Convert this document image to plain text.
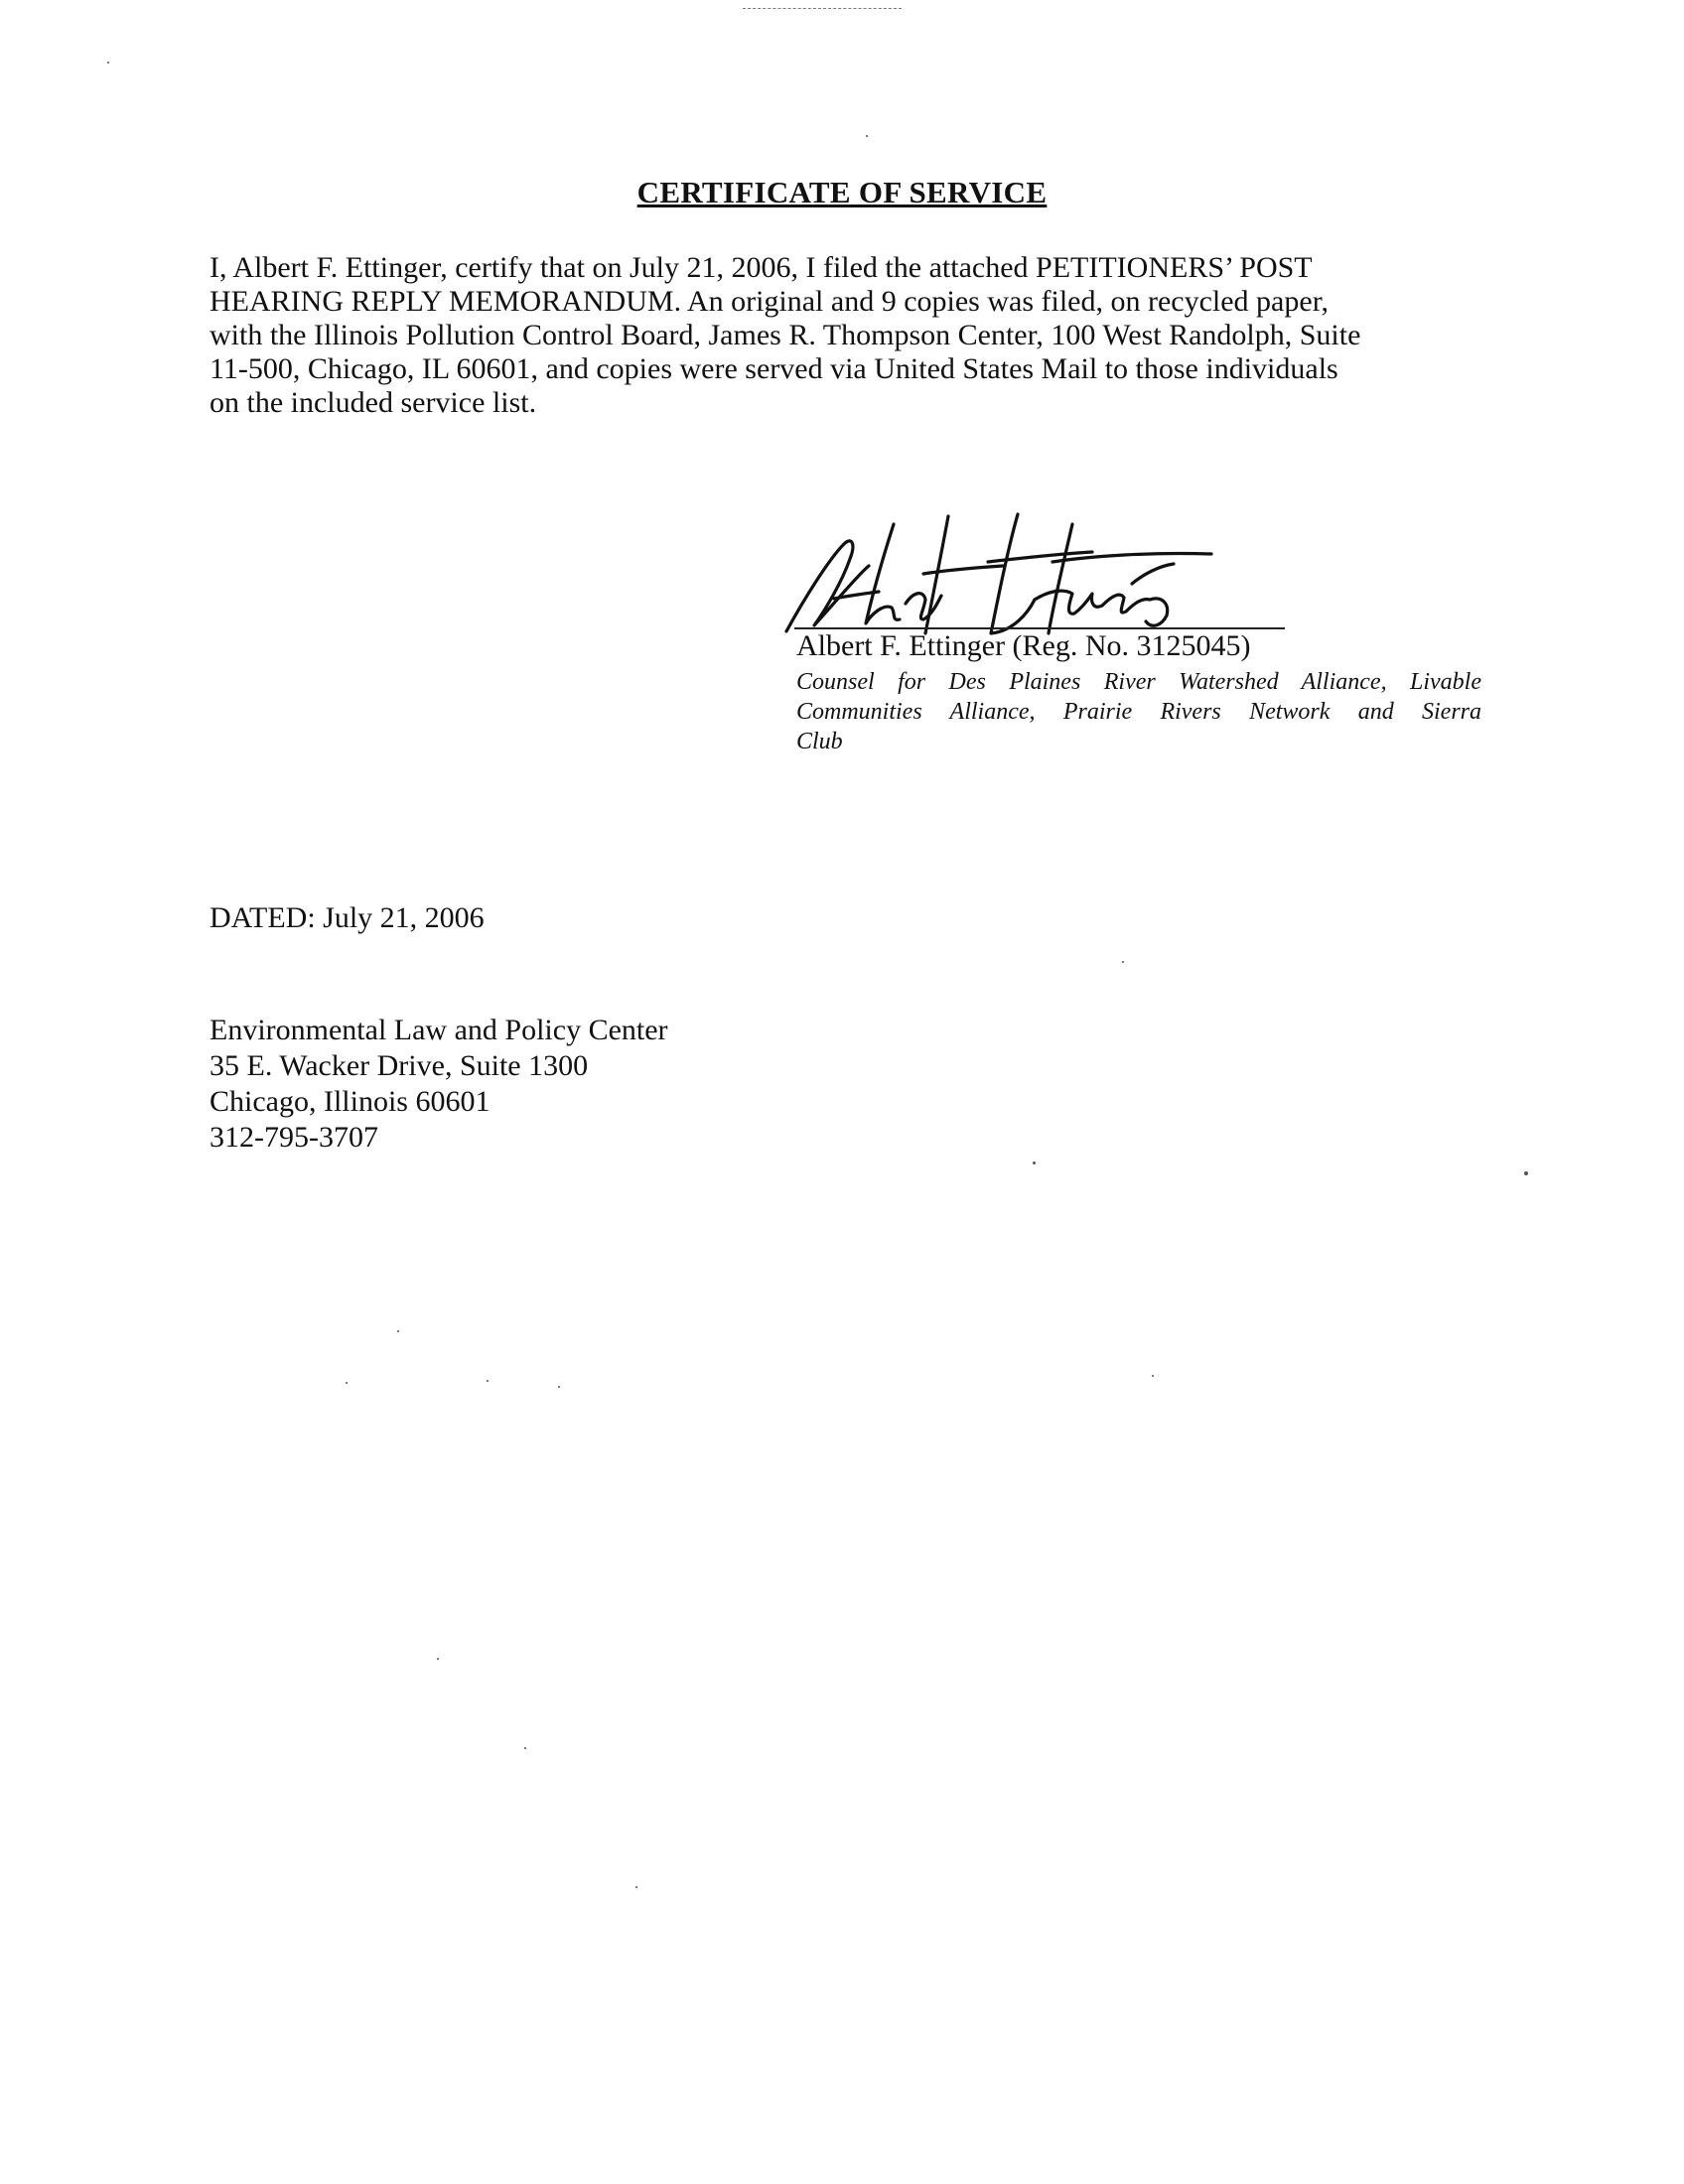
CERTIFICATE OF SERVICE
I, Albert F. Ettinger, certify that on July 21, 2006, I filed the attached PETITIONERS’ POST
HEARING REPLY MEMORANDUM. An original and 9 copies was filed, on recycled paper,
with the Illinois Pollution Control Board, James R. Thompson Center, 100 West Randolph, Suite
11-500, Chicago, IL 60601, and copies were served via United States Mail to those individuals
on the included service list.
Albert F. Ettinger (Reg. No. 3125045)
Counsel for Des Plaines River Watershed Alliance, Livable
Communities Alliance, Prairie Rivers Network and Sierra
Club
DATED: July 21, 2006
Environmental Law and Policy Center
35 E. Wacker Drive, Suite 1300
Chicago, Illinois 60601
312-795-3707
